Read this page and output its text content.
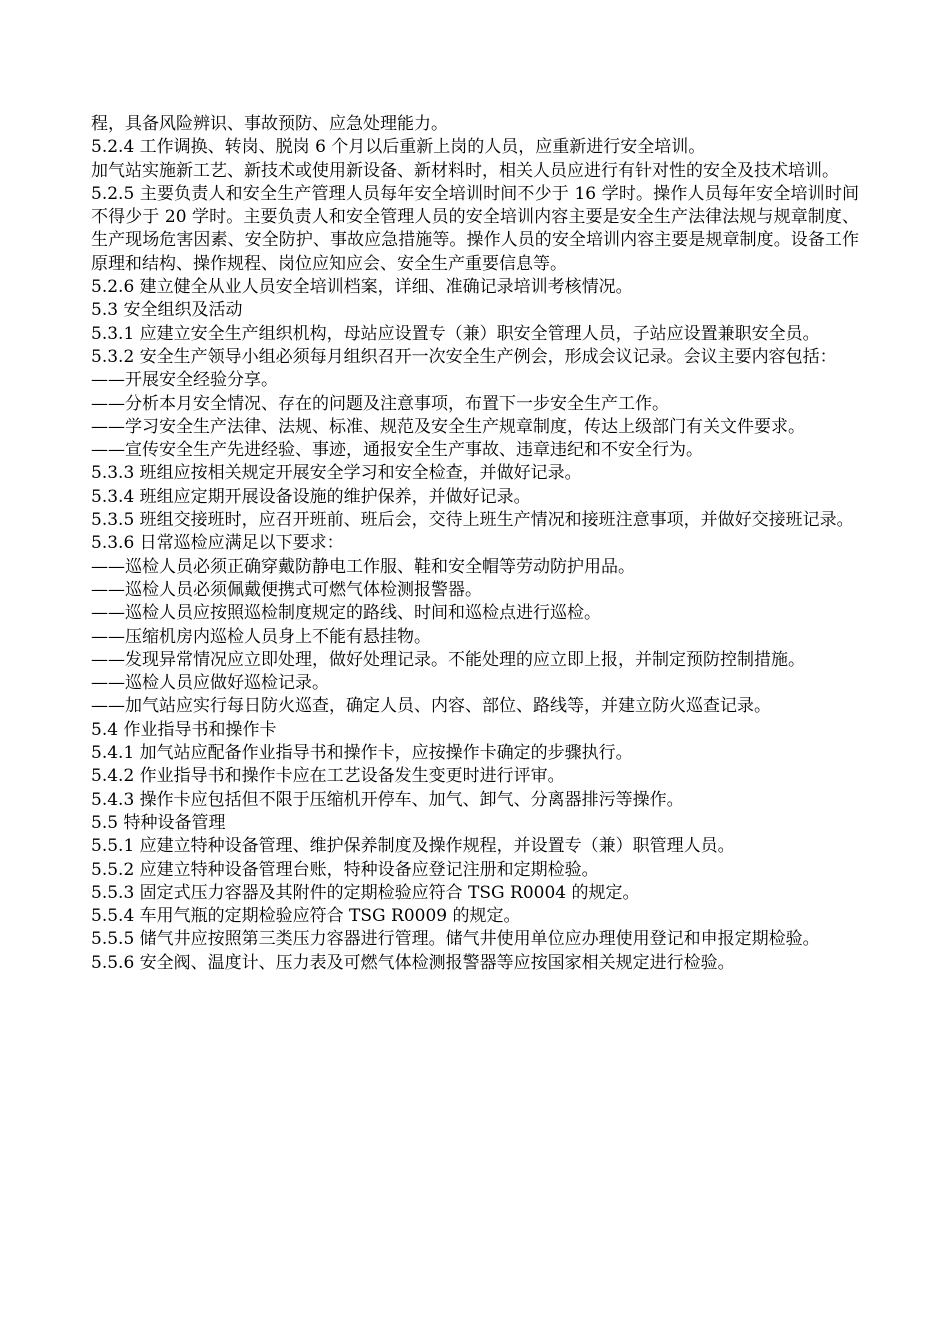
程，具备风险辨识、事故预防、应急处理能力。

5.2.4 工作调换、转岗、脱岗 6 个月以后重新上岗的人员，应重新进行安全培训。

加气站实施新工艺、新技术或使用新设备、新材料时，相关人员应进行有针对性的安全及技术培训。

5.2.5 主要负责人和安全生产管理人员每年安全培训时间不少于 16 学时。操作人员每年安全培训时间不得少于 20 学时。主要负责人和安全管理人员的安全培训内容主要是安全生产法律法规与规章制度、生产现场危害因素、安全防护、事故应急措施等。操作人员的安全培训内容主要是规章制度。设备工作原理和结构、操作规程、岗位应知应会、安全生产重要信息等。

5.2.6 建立健全从业人员安全培训档案，详细、准确记录培训考核情况。

5.3 安全组织及活动

5.3.1 应建立安全生产组织机构，母站应设置专（兼）职安全管理人员，子站应设置兼职安全员。

5.3.2 安全生产领导小组必须每月组织召开一次安全生产例会，形成会议记录。会议主要内容包括：

——开展安全经验分享。

——分析本月安全情况、存在的问题及注意事项，布置下一步安全生产工作。

——学习安全生产法律、法规、标准、规范及安全生产规章制度，传达上级部门有关文件要求。

——宣传安全生产先进经验、事迹，通报安全生产事故、违章违纪和不安全行为。

5.3.3 班组应按相关规定开展安全学习和安全检查，并做好记录。

5.3.4 班组应定期开展设备设施的维护保养，并做好记录。

5.3.5 班组交接班时，应召开班前、班后会，交待上班生产情况和接班注意事项，并做好交接班记录。

5.3.6 日常巡检应满足以下要求：

——巡检人员必须正确穿戴防静电工作服、鞋和安全帽等劳动防护用品。

——巡检人员必须佩戴便携式可燃气体检测报警器。

——巡检人员应按照巡检制度规定的路线、时间和巡检点进行巡检。

——压缩机房内巡检人员身上不能有悬挂物。

——发现异常情况应立即处理，做好处理记录。不能处理的应立即上报，并制定预防控制措施。

——巡检人员应做好巡检记录。

——加气站应实行每日防火巡查，确定人员、内容、部位、路线等，并建立防火巡查记录。

5.4 作业指导书和操作卡

5.4.1 加气站应配备作业指导书和操作卡，应按操作卡确定的步骤执行。

5.4.2 作业指导书和操作卡应在工艺设备发生变更时进行评审。

5.4.3 操作卡应包括但不限于压缩机开停车、加气、卸气、分离器排污等操作。

5.5 特种设备管理

5.5.1 应建立特种设备管理、维护保养制度及操作规程，并设置专（兼）职管理人员。

5.5.2 应建立特种设备管理台账，特种设备应登记注册和定期检验。

5.5.3 固定式压力容器及其附件的定期检验应符合 TSG R0004 的规定。

5.5.4 车用气瓶的定期检验应符合 TSG R0009 的规定。

5.5.5 储气井应按照第三类压力容器进行管理。储气井使用单位应办理使用登记和申报定期检验。

5.5.6 安全阀、温度计、压力表及可燃气体检测报警器等应按国家相关规定进行检验。
